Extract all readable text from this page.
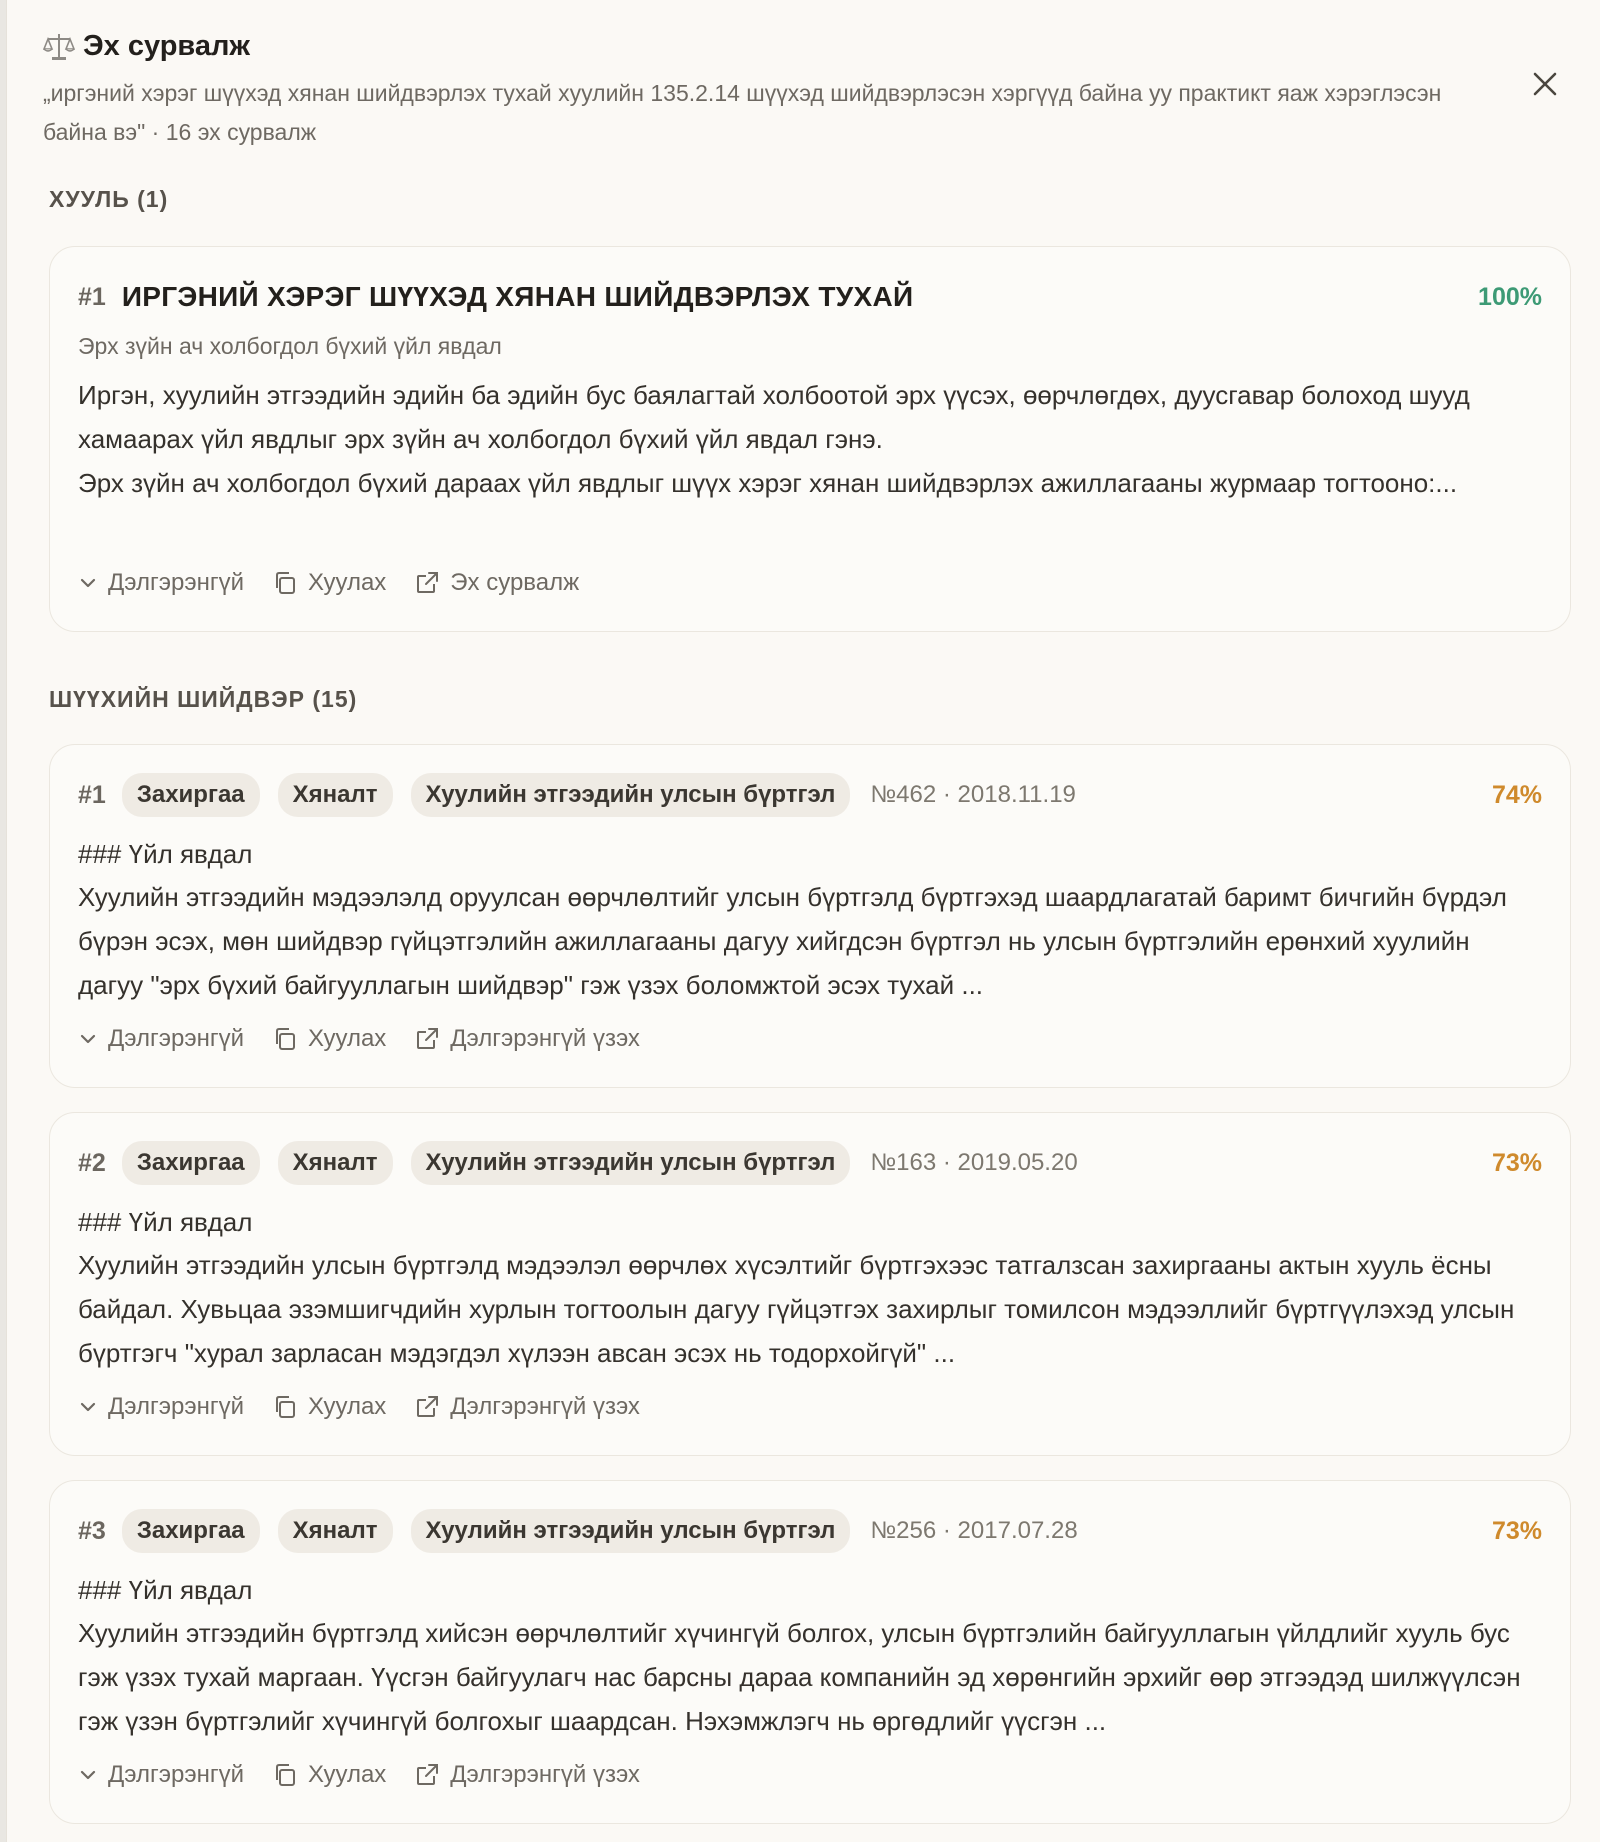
Эх сурвалж
„иргэний хэрэг шүүхэд хянан шийдвэрлэх тухай хуулийн 135.2.14 шүүхэд шийдвэрлэсэн хэргүүд байна уу практикт яаж хэрэглэсэн байна вэ" · 16 эх сурвалж
ХУУЛЬ (1)
#1 ИРГЭНИЙ ХЭРЭГ ШҮҮХЭД ХЯНАН ШИЙДВЭРЛЭХ ТУХАЙ	100%
Эрх зүйн ач холбогдол бүхий үйл явдал
Иргэн, хуулийн этгээдийн эдийн ба эдийн бус баялагтай холбоотой эрх үүсэх, өөрчлөгдөх, дуусгавар болоход шууд хамаарах үйл явдлыг эрх зүйн ач холбогдол бүхий үйл явдал гэнэ.
Эрх зүйн ач холбогдол бүхий дараах үйл явдлыг шүүх хэрэг хянан шийдвэрлэх ажиллагааны журмаар тогтооно:...
Дэлгэрэнгүй	Хуулах	Эх сурвалж
ШҮҮХИЙН ШИЙДВЭР (15)
#1	Захиргаа	Хяналт	Хуулийн этгээдийн улсын бүртгэл	№462 · 2018.11.19	74%
### Үйл явдал
Хуулийн этгээдийн мэдээлэлд оруулсан өөрчлөлтийг улсын бүртгэлд бүртгэхэд шаардлагатай баримт бичгийн бүрдэл бүрэн эсэх, мөн шийдвэр гүйцэтгэлийн ажиллагааны дагуу хийгдсэн бүртгэл нь улсын бүртгэлийн ерөнхий хуулийн дагуу "эрх бүхий байгууллагын шийдвэр" гэж үзэх боломжтой эсэх тухай ...
Дэлгэрэнгүй	Хуулах	Дэлгэрэнгүй үзэх
#2	Захиргаа	Хяналт	Хуулийн этгээдийн улсын бүртгэл	№163 · 2019.05.20	73%
### Үйл явдал
Хуулийн этгээдийн улсын бүртгэлд мэдээлэл өөрчлөх хүсэлтийг бүртгэхээс татгалзсан захиргааны актын хууль ёсны байдал. Хувьцаа эзэмшигчдийн хурлын тогтоолын дагуу гүйцэтгэх захирлыг томилсон мэдээллийг бүртгүүлэхэд улсын бүртгэгч "хурал зарласан мэдэгдэл хүлээн авсан эсэх нь тодорхойгүй" ...
Дэлгэрэнгүй	Хуулах	Дэлгэрэнгүй үзэх
#3	Захиргаа	Хяналт	Хуулийн этгээдийн улсын бүртгэл	№256 · 2017.07.28	73%
### Үйл явдал
Хуулийн этгээдийн бүртгэлд хийсэн өөрчлөлтийг хүчингүй болгох, улсын бүртгэлийн байгууллагын үйлдлийг хууль бус гэж үзэх тухай маргаан. Үүсгэн байгуулагч нас барсны дараа компанийн эд хөрөнгийн эрхийг өөр этгээдэд шилжүүлсэн гэж үзэн бүртгэлийг хүчингүй болгохыг шаардсан. Нэхэмжлэгч нь өргөдлийг үүсгэн ...
Дэлгэрэнгүй	Хуулах	Дэлгэрэнгүй үзэх
